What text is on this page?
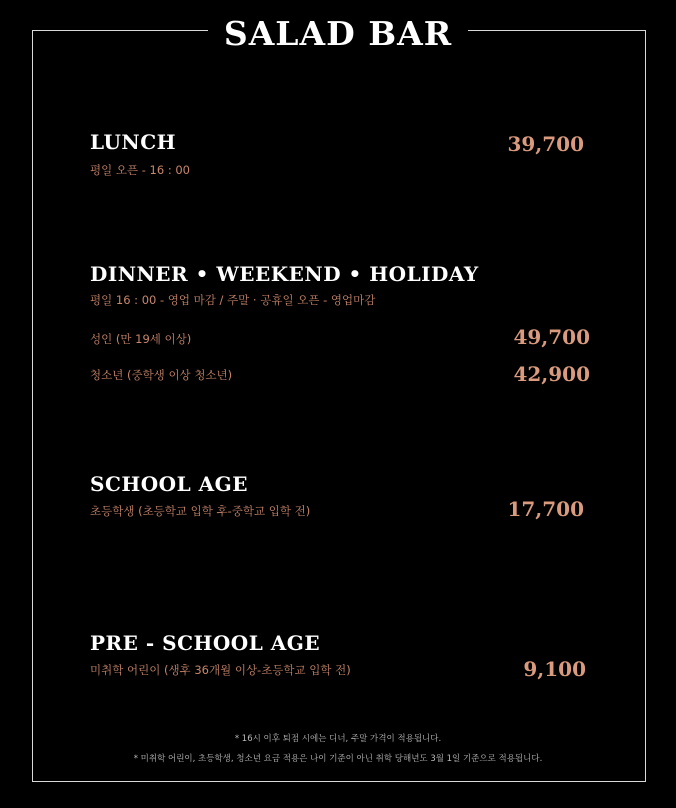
SALAD BAR
LUNCH
평일 오픈 - 16 : 00
39,700
DINNER • WEEKEND • HOLIDAY
평일 16 : 00 - 영업 마감 / 주말 · 공휴일 오픈 - 영업마감
성인 (만 19세 이상)	49,700
청소년 (중학생 이상 청소년)	42,900
SCHOOL AGE
초등학생 (초등학교 입학 후-중학교 입학 전)	17,700
PRE - SCHOOL AGE
미취학 어린이 (생후 36개월 이상-초등학교 입학 전)	9,100
* 16시 이후 퇴점 시에는 디너, 주말 가격이 적용됩니다.
* 미취학 어린이, 초등학생, 청소년 요금 적용은 나이 기준이 아닌 취학 당해년도 3월 1일 기준으로 적용됩니다.
